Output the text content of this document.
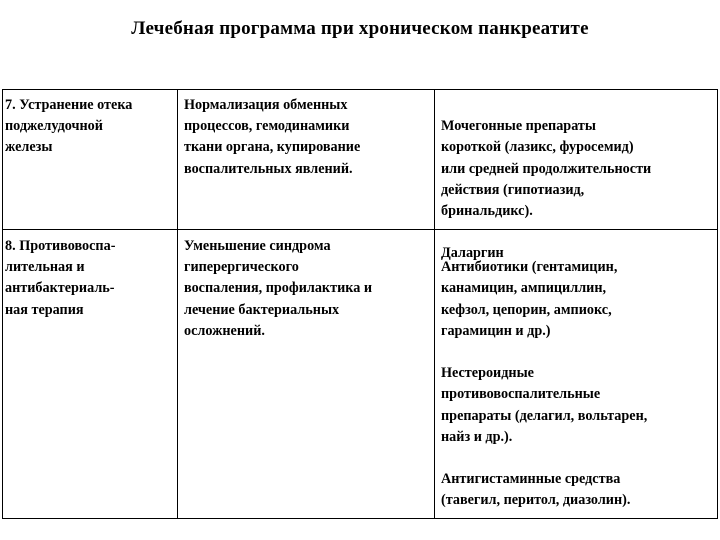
Лечебная программа при хроническом панкреатите
7. Устранение отека
поджелудочной
железы
Нормализация обменных
процессов, гемодинамики
ткани органа, купирование
воспалительных явлений.

Мочегонные препараты
короткой (лазикс, фуросемид)
или средней продолжительности
действия (гипотиазид,
бринальдикс).

Даларгин

8. Противовоспа-
лительная и
антибактериаль-
ная терапия
Уменьшение синдрома
гиперергического
воспаления, профилактика и
лечение бактериальных
осложнений.

Антибиотики (гентамицин,
канамицин, ампициллин,
кефзол, цепорин, ампиокс,
гарамицин и др.)

Нестероидные
противовоспалительные
препараты (делагил, вольтарен,
найз и др.).

Антигистаминные средства
(тавегил, перитол, диазолин).
